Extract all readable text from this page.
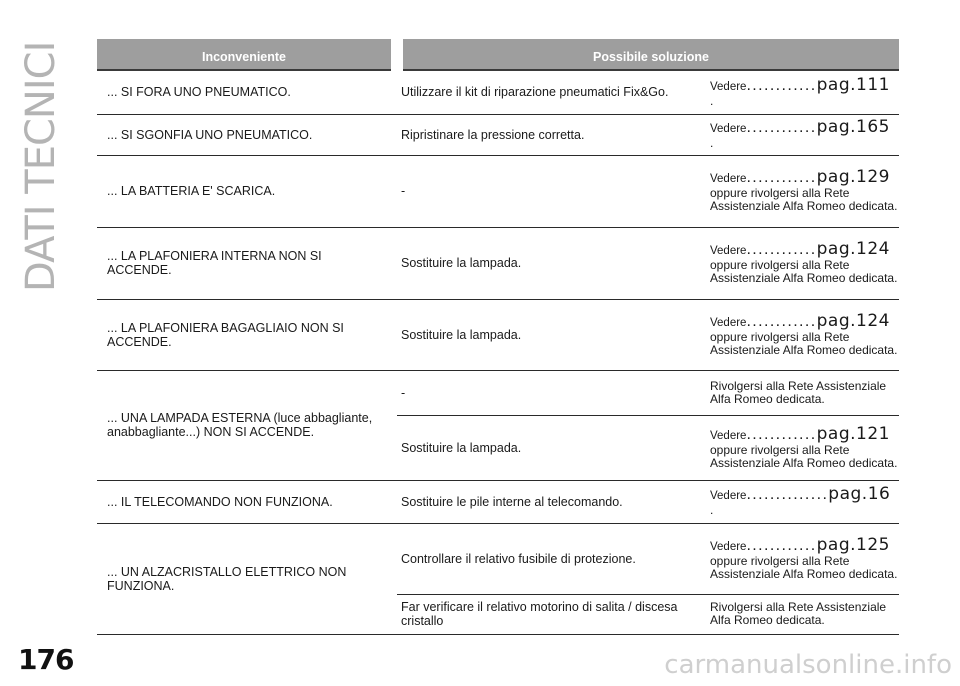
DATI TECNICI	Inconveniente	Possibile soluzione	
... SI FORA UNO PNEUMATICO.	Utilizzare il kit di riparazione pneumatici Fix&Go.	Vedere............pag.111
.

... SI SGONFIA UNO PNEUMATICO.	Ripristinare la pressione corretta.	Vedere............pag.165
.

... LA BATTERIA E' SCARICA.	-	Vedere............pag.129
oppure rivolgersi alla Rete Assistenziale Alfa Romeo dedicata.

... LA PLAFONIERA INTERNA NON SI ACCENDE.	Sostituire la lampada.	Vedere............pag.124
oppure rivolgersi alla Rete Assistenziale Alfa Romeo dedicata.

... LA PLAFONIERA BAGAGLIAIO NON SI ACCENDE.	Sostituire la lampada.	Vedere............pag.124
oppure rivolgersi alla Rete Assistenziale Alfa Romeo dedicata.

... UNA LAMPADA ESTERNA (luce abbagliante, anabbagliante...) NON SI ACCENDE.	-	Rivolgersi alla Rete Assistenziale Alfa Romeo dedicata.

	Sostituire la lampada.	Vedere............pag.121
oppure rivolgersi alla Rete Assistenziale Alfa Romeo dedicata.

... IL TELECOMANDO NON FUNZIONA.	Sostituire le pile interne al telecomando.	Vedere..............pag.16
.

... UN ALZACRISTALLO ELETTRICO NON FUNZIONA.	Controllare il relativo fusibile di protezione.	Vedere............pag.125
oppure rivolgersi alla Rete Assistenziale Alfa Romeo dedicata.

	Far verificare il relativo motorino di salita / discesa cristallo	Rivolgersi alla Rete Assistenziale Alfa Romeo dedicata.
176	carmanualsonline.info
